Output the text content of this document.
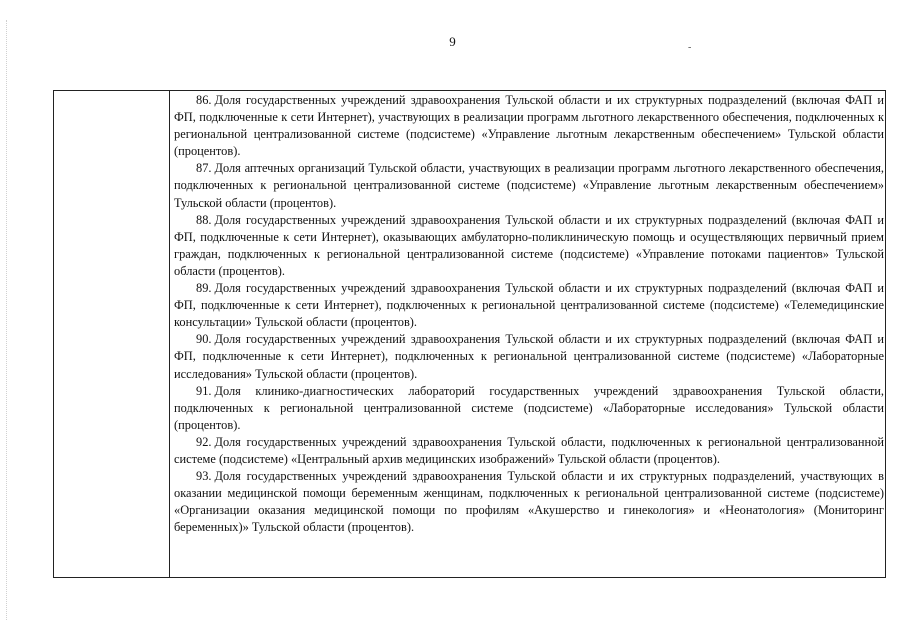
9	-

86. Доля государственных учреждений здравоохранения Тульской области и их структурных подразделений (включая ФАП и ФП, подключенные к сети Интернет), участвующих в реализации программ льготного лекарственного обеспечения, подключенных к региональной централизованной системе (подсистеме) «Управление льготным лекарственным обеспечением» Тульской области (процентов).

87. Доля аптечных организаций Тульской области, участвующих в реализации программ льготного лекарственного обеспечения, подключенных к региональной централизованной системе (подсистеме) «Управление льготным лекарственным обеспечением» Тульской области (процентов).

88. Доля государственных учреждений здравоохранения Тульской области и их структурных подразделений (включая ФАП и ФП, подключенные к сети Интернет), оказывающих амбулаторно-поликлиническую помощь и осуществляющих первичный прием граждан, подключенных к региональной централизованной системе (подсистеме) «Управление потоками пациентов» Тульской области (процентов).

89. Доля государственных учреждений здравоохранения Тульской области и их структурных подразделений (включая ФАП и ФП, подключенные к сети Интернет), подключенных к региональной централизованной системе (подсистеме) «Телемедицинские консультации» Тульской области (процентов).

90. Доля государственных учреждений здравоохранения Тульской области и их структурных подразделений (включая ФАП и ФП, подключенные к сети Интернет), подключенных к региональной централизованной системе (подсистеме) «Лабораторные исследования» Тульской области (процентов).

91. Доля клинико-диагностических лабораторий государственных учреждений здравоохранения Тульской области, подключенных к региональной централизованной системе (подсистеме) «Лабораторные исследования» Тульской области (процентов).

92. Доля государственных учреждений здравоохранения Тульской области, подключенных к региональной централизованной системе (подсистеме) «Центральный архив медицинских изображений» Тульской области (процентов).

93. Доля государственных учреждений здравоохранения Тульской области и их структурных подразделений, участвующих в оказании медицинской помощи беременным женщинам, подключенных к региональной централизованной системе (подсистеме) «Организации оказания медицинской помощи по профилям «Акушерство и гинекология» и «Неонатология» (Мониторинг беременных)» Тульской области (процентов).
